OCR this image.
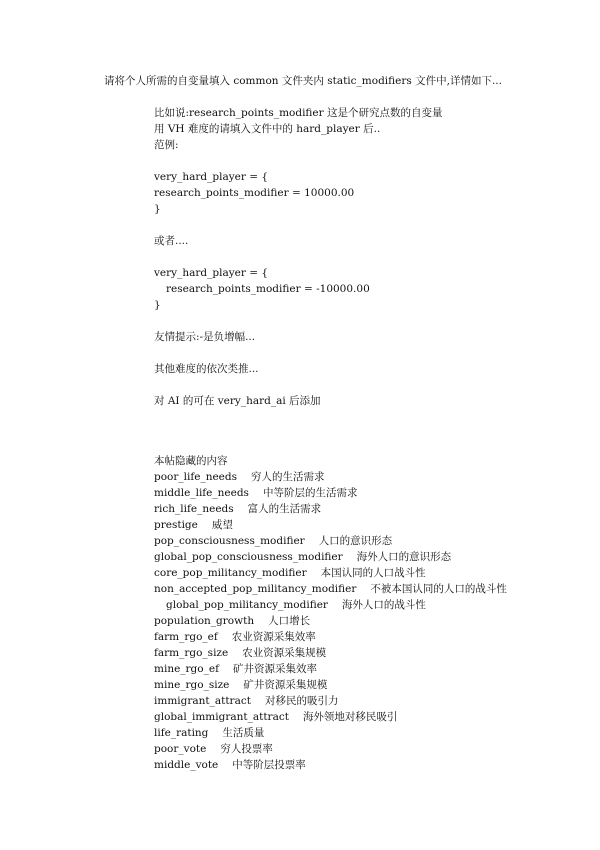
请将个人所需的自变量填入 common 文件夹内 static_modifiers 文件中,详情如下...
比如说:research_points_modifier 这是个研究点数的自变量
用 VH 难度的请填入文件中的 hard_player 后..
范例:
very_hard_player = {
research_points_modifier = 10000.00
}
或者....
very_hard_player = {
research_points_modifier = -10000.00
}
友情提示:-是负增幅...
其他难度的依次类推...
对 AI 的可在 very_hard_ai 后添加
本帖隐藏的内容
poor_life_needs 穷人的生活需求
middle_life_needs 中等阶层的生活需求
rich_life_needs 富人的生活需求
prestige 威望
pop_consciousness_modifier 人口的意识形态
global_pop_consciousness_modifier 海外人口的意识形态
core_pop_militancy_modifier 本国认同的人口战斗性
non_accepted_pop_militancy_modifier 不被本国认同的人口的战斗性
global_pop_militancy_modifier 海外人口的战斗性
population_growth 人口增长
farm_rgo_ef 农业资源采集效率
farm_rgo_size 农业资源采集规模
mine_rgo_ef 矿井资源采集效率
mine_rgo_size 矿井资源采集规模
immigrant_attract 对移民的吸引力
global_immigrant_attract 海外领地对移民吸引
life_rating 生活质量
poor_vote 穷人投票率
middle_vote 中等阶层投票率
